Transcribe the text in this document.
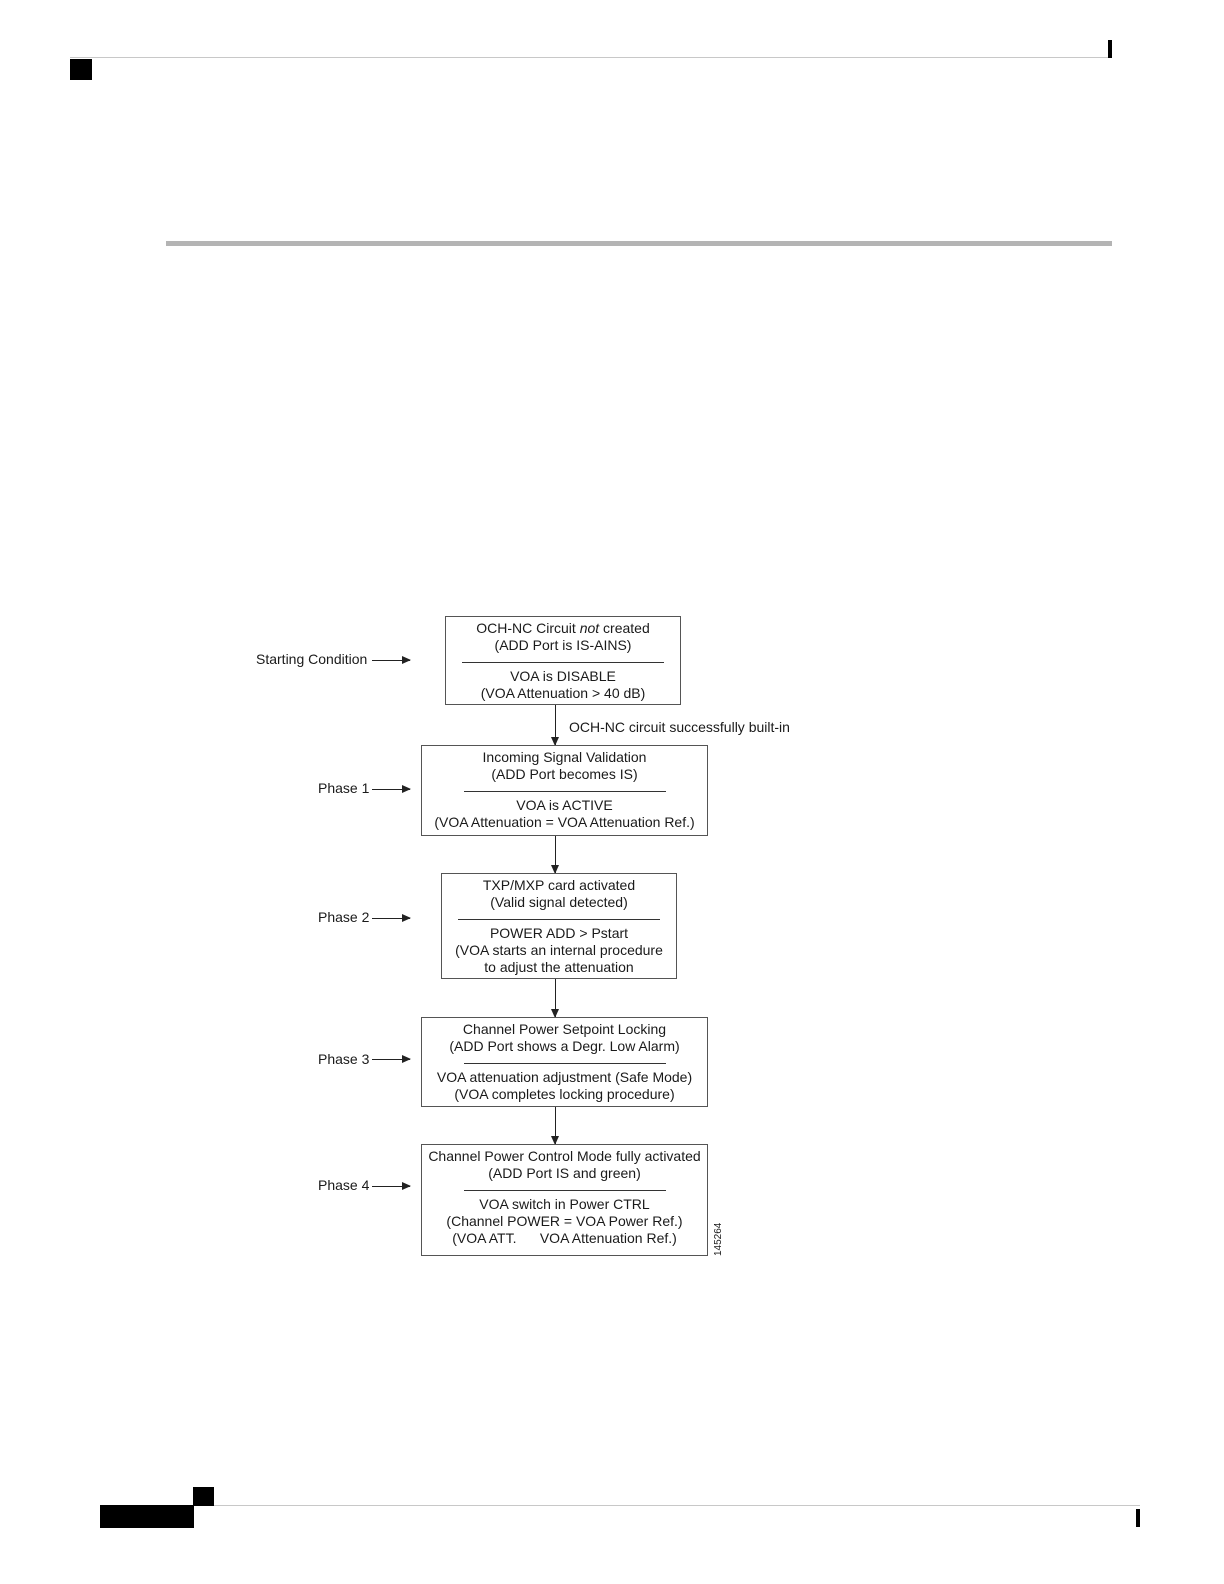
Starting Condition
OCH-NC Circuit not created
(ADD Port is IS-AINS)
VOA is DISABLE
(VOA Attenuation > 40 dB)
OCH-NC circuit successfully built-in
Phase 1
Incoming Signal Validation
(ADD Port becomes IS)
VOA is ACTIVE
(VOA Attenuation = VOA Attenuation Ref.)
Phase 2
TXP/MXP card activated
(Valid signal detected)
POWER ADD > Pstart
(VOA starts an internal procedure
to adjust the attenuation
Phase 3
Channel Power Setpoint Locking
(ADD Port shows a Degr. Low Alarm)
VOA attenuation adjustment (Safe Mode)
(VOA completes locking procedure)
Phase 4
Channel Power Control Mode fully activated
(ADD Port IS and green)
VOA switch in Power CTRL
(Channel POWER = VOA Power Ref.)
(VOA ATT.      VOA Attenuation Ref.)	145264
